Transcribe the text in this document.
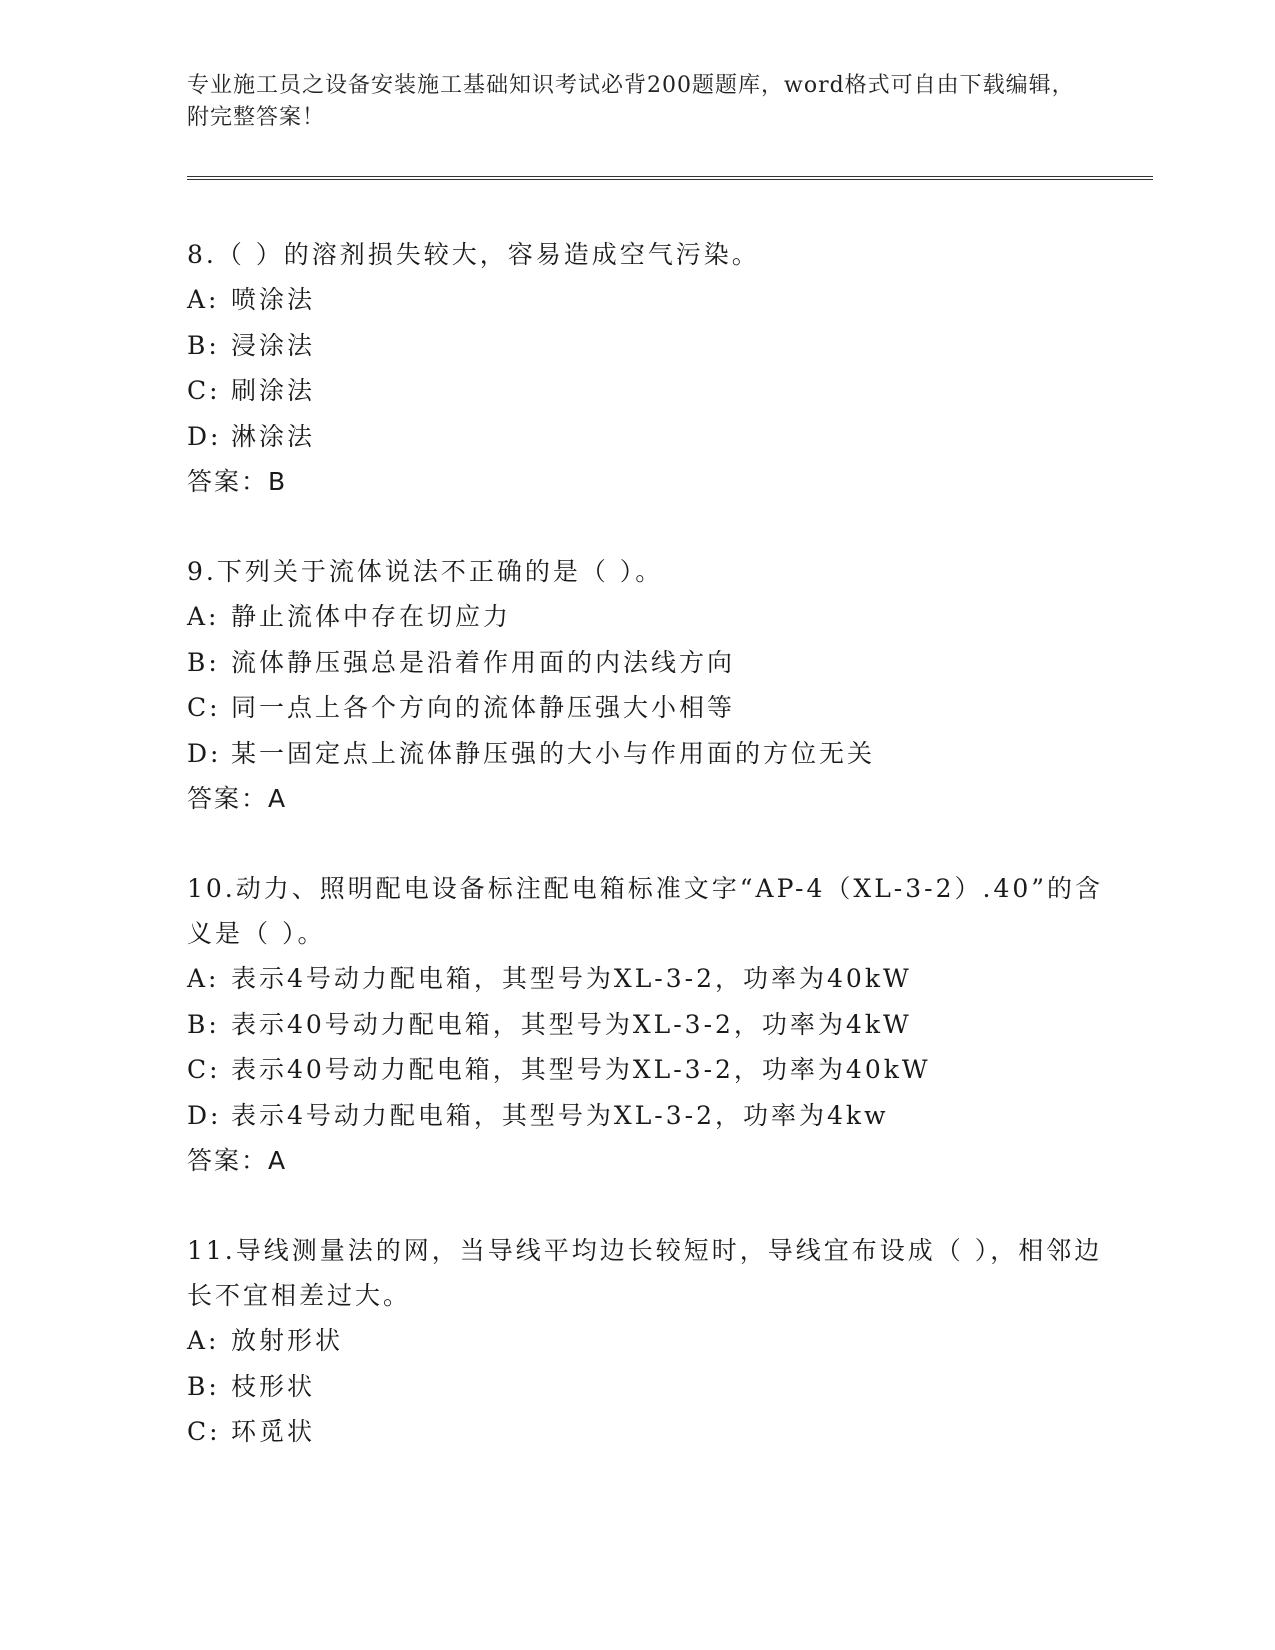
专业施工员之设备安装施工基础知识考试必背200题题库，word格式可自由下载编辑，附完整答案！
8.（ ）的溶剂损失较大，容易造成空气污染。
A: 喷涂法
B: 浸涂法
C: 刷涂法
D: 淋涂法
答案：B
9.下列关于流体说法不正确的是（ ）。
A: 静止流体中存在切应力
B: 流体静压强总是沿着作用面的内法线方向
C: 同一点上各个方向的流体静压强大小相等
D: 某一固定点上流体静压强的大小与作用面的方位无关
答案：A
10.动力、照明配电设备标注配电箱标准文字“AP-4（XL-3-2）.40”的含义是（ ）。
A: 表示4号动力配电箱，其型号为XL-3-2，功率为40kW
B: 表示40号动力配电箱，其型号为XL-3-2，功率为4kW
C: 表示40号动力配电箱，其型号为XL-3-2，功率为40kW
D: 表示4号动力配电箱，其型号为XL-3-2，功率为4kw
答案：A
11.导线测量法的网，当导线平均边长较短时，导线宜布设成（ ），相邻边长不宜相差过大。
A: 放射形状
B: 枝形状
C: 环觅状
